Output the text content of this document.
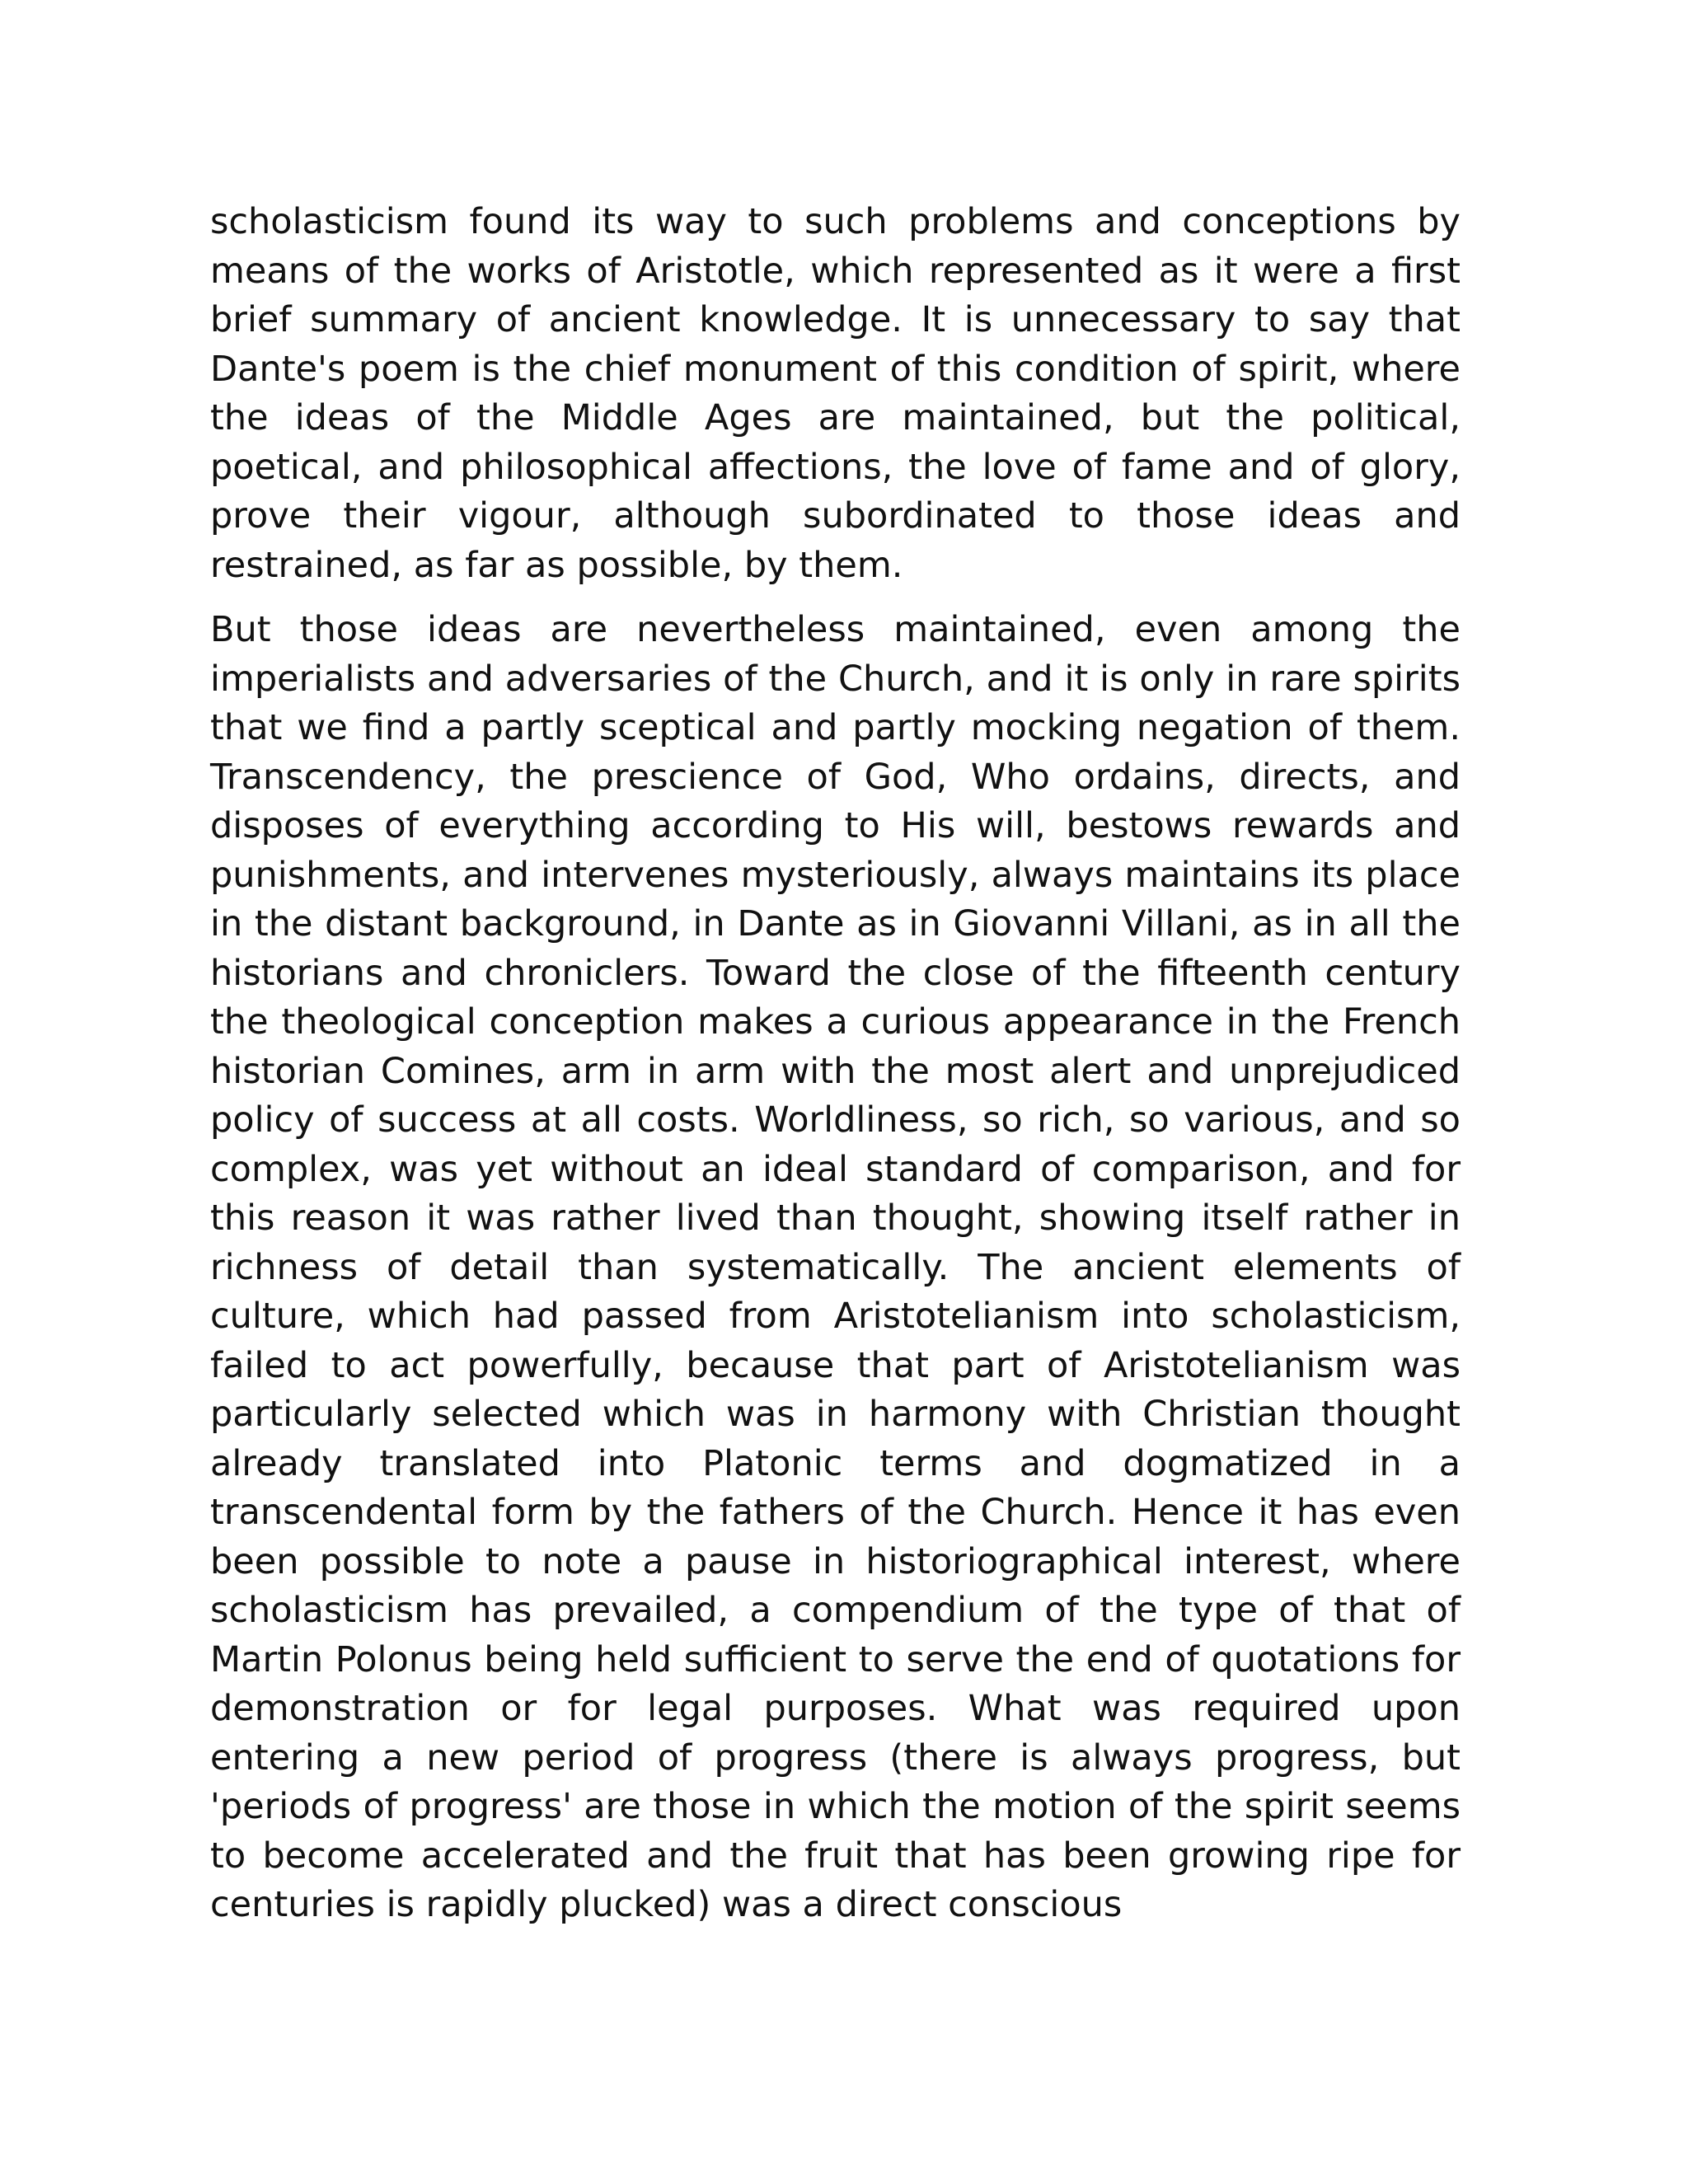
scholasticism found its way to such problems and conceptions by means of the works of Aristotle, which represented as it were a first brief summary of ancient knowledge. It is unnecessary to say that Dante's poem is the chief monument of this condition of spirit, where the ideas of the Middle Ages are maintained, but the political, poetical, and philosophical affections, the love of fame and of glory, prove their vigour, although subordinated to those ideas and restrained, as far as possible, by them.

But those ideas are nevertheless maintained, even among the imperialists and adversaries of the Church, and it is only in rare spirits that we find a partly sceptical and partly mocking negation of them. Transcendency, the prescience of God, Who ordains, directs, and disposes of everything according to His will, bestows rewards and punishments, and intervenes mysteriously, always maintains its place in the distant background, in Dante as in Giovanni Villani, as in all the historians and chroniclers. Toward the close of the fifteenth century the theological conception makes a curious appearance in the French historian Comines, arm in arm with the most alert and unprejudiced policy of success at all costs. Worldliness, so rich, so various, and so complex, was yet without an ideal standard of comparison, and for this reason it was rather lived than thought, showing itself rather in richness of detail than systematically. The ancient elements of culture, which had passed from Aristotelianism into scholasticism, failed to act powerfully, because that part of Aristotelianism was particularly selected which was in harmony with Christian thought already translated into Platonic terms and dogmatized in a transcendental form by the fathers of the Church. Hence it has even been possible to note a pause in historiographical interest, where scholasticism has prevailed, a compendium of the type of that of Martin Polonus being held sufficient to serve the end of quotations for demonstration or for legal purposes. What was required upon entering a new period of progress (there is always progress, but 'periods of progress' are those in which the motion of the spirit seems to become accelerated and the fruit that has been growing ripe for centuries is rapidly plucked) was a direct conscious
